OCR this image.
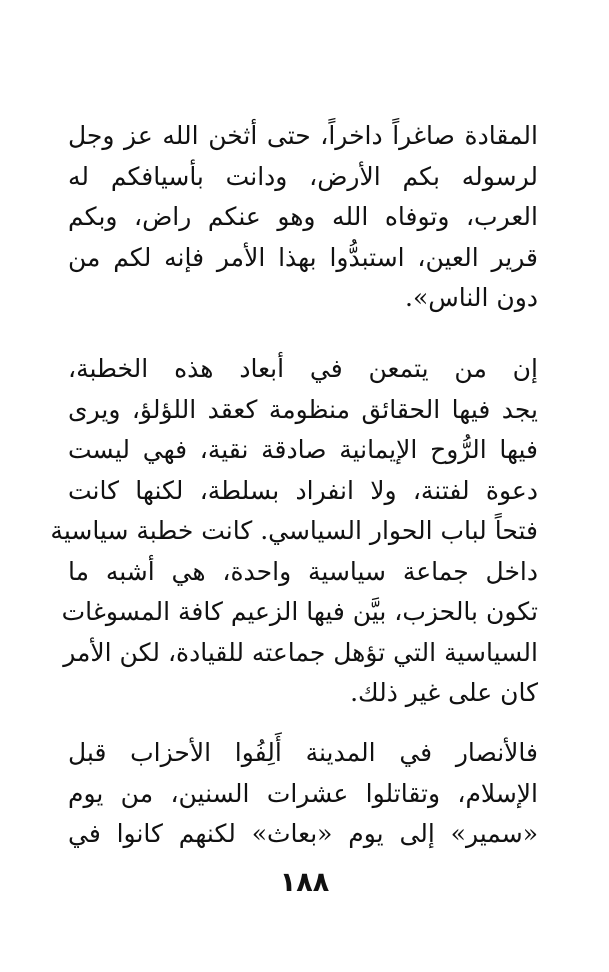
المقادة صاغراً داخراً، حتى أثخن الله عز وجل
لرسوله بكم الأرض، ودانت بأسيافكم له
العرب، وتوفاه الله وهو عنكم راض، وبكم
قرير العين، استبدُّوا بهذا الأمر فإنه لكم من
دون الناس».
إن من يتمعن في أبعاد هذه الخطبة،
يجد فيها الحقائق منظومة كعقد اللؤلؤ، ويرى
فيها الرُّوح الإيمانية صادقة نقية، فهي ليست
دعوة لفتنة، ولا انفراد بسلطة، لكنها كانت
فتحاً لباب الحوار السياسي. كانت خطبة سياسية
داخل جماعة سياسية واحدة، هي أشبه ما
تكون بالحزب، بيَّن فيها الزعيم كافة المسوغات
السياسية التي تؤهل جماعته للقيادة، لكن الأمر
كان على غير ذلك.
فالأنصار في المدينة أَلِفُوا الأحزاب قبل
الإسلام، وتقاتلوا عشرات السنين، من يوم
«سمير» إلى يوم «بعاث» لكنهم كانوا في
١٨٨
